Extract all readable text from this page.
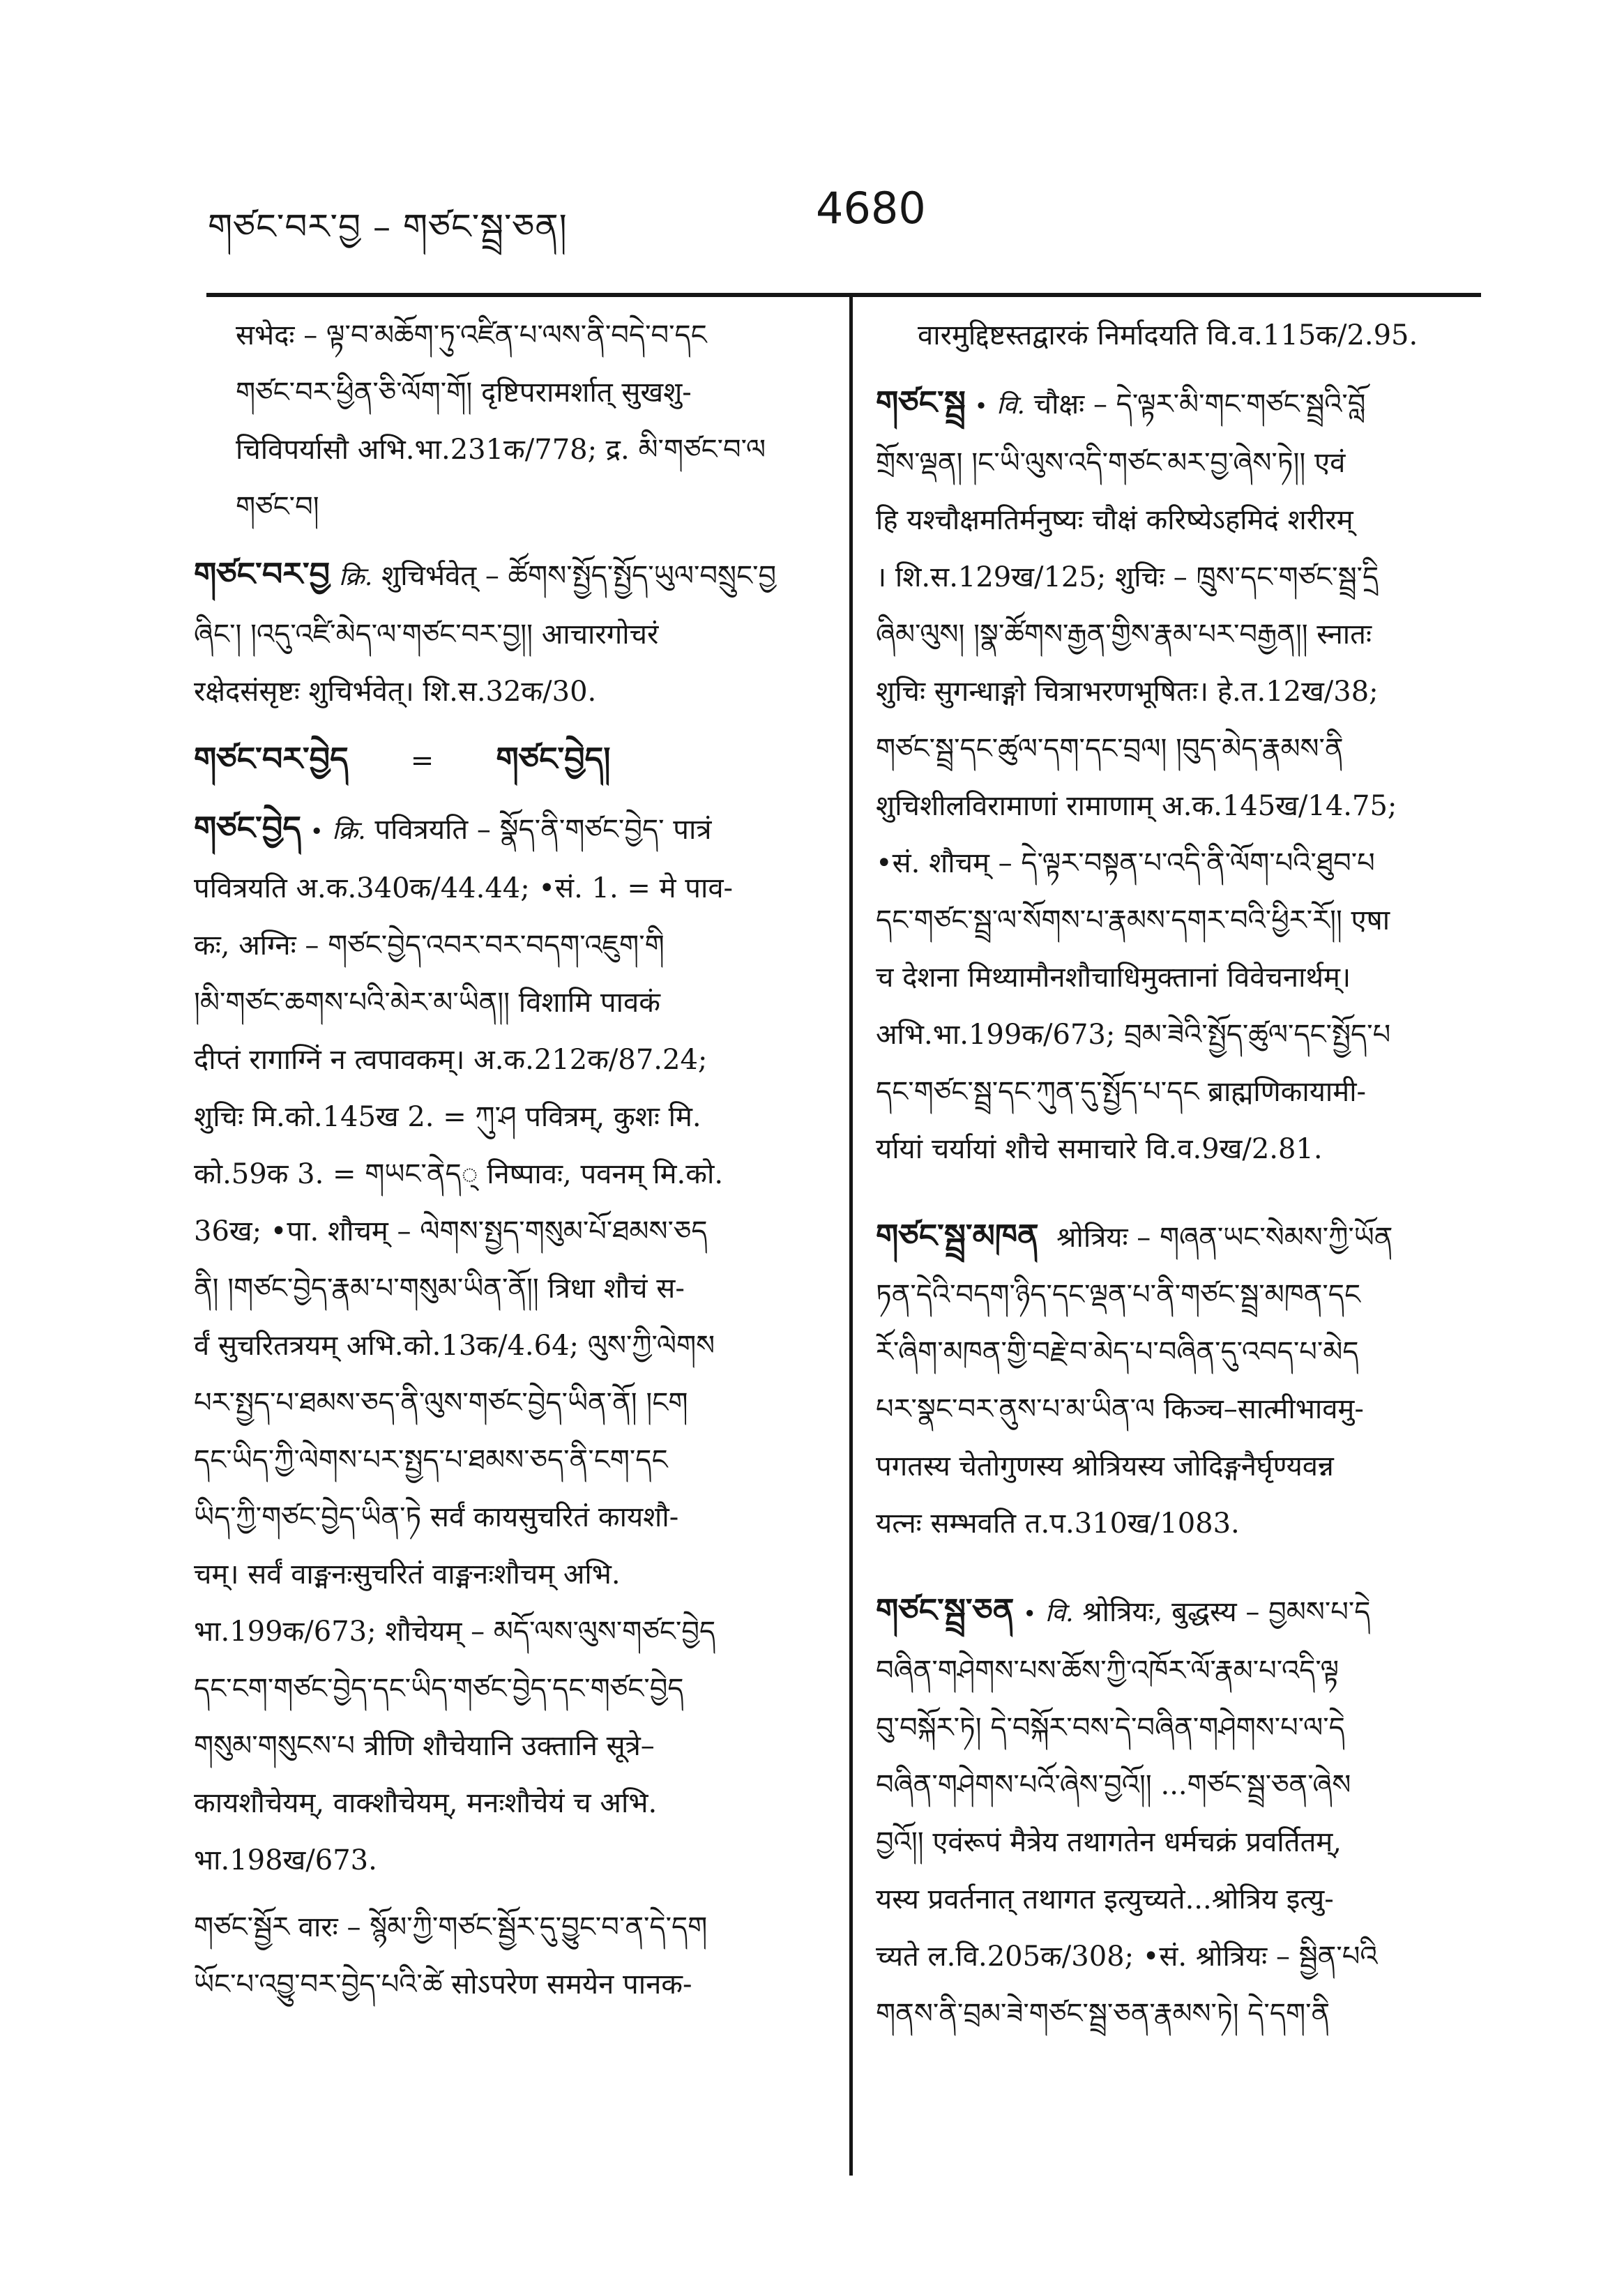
གཙང་བར་བྱ – གཙང་སྦྲ་ཅན།	4680
सभेदः – ལྟ་བ་མཆོག་ཏུ་འཛིན་པ་ལས་ནི་བདེ་བ་དང
གཙང་བར་ཕྱིན་ཅི་ལོག་གོ། दृष्टिपरामर्शात् सुखशु-
चिविपर्यासौ अभि.भा.231क/778; द्र. མི་གཙང་བ་ལ
གཙང་བ།
གཙང་བར་བྱ क्रि. शुचिर्भवेत् – ཚོགས་སྤྱོད་སྤྱོད་ཡུལ་བསྲུང་བྱ
ཞིང་། །འདུ་འཛི་མེད་ལ་གཙང་བར་བྱ།། आचारगोचरं
रक्षेदसंसृष्टः शुचिर्भवेत्। शि.स.32क/30.
གཙང་བར་བྱེད = གཙང་བྱེད།
གཙང་བྱེད • क्रि. पवित्रयति – སྣོད་ནི་གཙང་བྱེད་ पात्रं
पवित्रयति अ.क.340क/44.44; •सं. 1. = मे पाव-
कः, अग्निः – གཙང་བྱེད་འབར་བར་བདག་འཇུག་གི
།མི་གཙང་ཆགས་པའི་མེར་མ་ཡིན།། विशामि पावकं
दीप्तं रागाग्निं न त्वपावकम्। अ.क.212क/87.24;
शुचिः मि.को.145ख 2. = ཀུ་ཤ पवित्रम्, कुशः मि.
को.59क 3. = གཡང་ནེད् निष्पावः, पवनम् मि.को.
36ख; •पा. शौचम् – ལེགས་སྤྱད་གསུམ་པོ་ཐམས་ཅད
ནི། །གཙང་བྱེད་རྣམ་པ་གསུམ་ཡིན་ནོ།། त्रिधा शौचं स-
र्वं सुचरितत्रयम् अभि.को.13क/4.64; ལུས་ཀྱི་ལེགས
པར་སྤྱད་པ་ཐམས་ཅད་ནི་ལུས་གཙང་བྱེད་ཡིན་ནོ། །ངག
དང་ཡིད་ཀྱི་ལེགས་པར་སྤྱད་པ་ཐམས་ཅད་ནི་ངག་དང
ཡིད་ཀྱི་གཙང་བྱེད་ཡིན་ཏེ सर्वं कायसुचरितं कायशौ-
चम्। सर्वं वाङ्मनःसुचरितं वाङ्मनःशौचम् अभि.
भा.199क/673; शौचेयम् – མདོ་ལས་ལུས་གཙང་བྱེད
དང་ངག་གཙང་བྱེད་དང་ཡིད་གཙང་བྱེད་དང་གཙང་བྱེད
གསུམ་གསུངས་པ त्रीणि शौचेयानि उक्तानि सूत्रे–
कायशौचेयम्, वाक्शौचेयम्, मनःशौचेयं च अभि.
भा.198ख/673.
གཙང་སྦྱོར वारः – སྙོམ་ཀྱི་གཙང་སྦྱོར་དུ་བྱུང་བ་ན་དེ་དག
ཡོང་པ་འབྱུ་བར་བྱེད་པའི་ཚེ सोऽपरेण समयेन पानक-
वारमुद्दिष्टस्तद्वारकं निर्मादयति वि.व.115क/2.95.
གཙང་སྦྲ • वि. चौक्षः – དེ་ལྟར་མི་གང་གཙང་སྦྲའི་བློ
གྲོས་ལྡན། །ང་ཡི་ལུས་འདི་གཙང་མར་བྱ་ཞེས་ཏེ།། एवं
हि यश्चौक्षमतिर्मनुष्यः चौक्षं करिष्येऽहमिदं शरीरम्
। शि.स.129ख/125; शुचिः – ཁྲུས་དང་གཙང་སྦྲ་དྲི
ཞིམ་ལུས། །སྣ་ཚོགས་རྒྱན་གྱིས་རྣམ་པར་བརྒྱན།། स्नातः
शुचिः सुगन्धाङ्गो चित्राभरणभूषितः। हे.त.12ख/38;
གཙང་སྦྲ་དང་ཚུལ་དག་དང་བྲལ། །བུད་མེད་རྣམས་ནི
शुचिशीलविरामाणां रामाणाम् अ.क.145ख/14.75;
•सं. शौचम् – དེ་ལྟར་བསྟན་པ་འདི་ནི་ལོག་པའི་ཐུབ་པ
དང་གཙང་སྦྲ་ལ་སོགས་པ་རྣམས་དགར་བའི་ཕྱིར་རོ།། एषा
च देशना मिथ्यामौनशौचाधिमुक्तानां विवेचनार्थम्।
अभि.भा.199क/673; བྲམ་ཟེའི་སྤྱོད་ཚུལ་དང་སྤྱོད་པ
དང་གཙང་སྦྲ་དང་ཀུན་དུ་སྤྱོད་པ་དང ब्राह्मणिकायामी-
र्यायां चर्यायां शौचे समाचारे वि.व.9ख/2.81.
གཙང་སྦྲ་མཁན श्रोत्रियः – གཞན་ཡང་སེམས་ཀྱི་ཡོན
ཏན་དེའི་བདག་ཉིད་དང་ལྡན་པ་ནི་གཙང་སྦྲ་མཁན་དང
རོ་ཞིག་མཁན་གྱི་བརྗེ་བ་མེད་པ་བཞིན་དུ་འབད་པ་མེད
པར་སྣང་བར་ནུས་པ་མ་ཡིན་ལ किञ्च–सात्मीभावमु-
पगतस्य चेतोगुणस्य श्रोत्रियस्य जोदिङ्गनैर्घृण्यवन्न
यत्नः सम्भवति त.प.310ख/1083.
གཙང་སྦྲ་ཅན • वि. श्रोत्रियः, बुद्धस्य – བྱམས་པ་དེ
བཞིན་གཤེགས་པས་ཆོས་ཀྱི་འཁོར་ལོ་རྣམ་པ་འདི་ལྟ
བུ་བསྐོར་ཏེ། དེ་བསྐོར་བས་དེ་བཞིན་གཤེགས་པ་ལ་དེ
བཞིན་གཤེགས་པའོ་ཞེས་བྱའོ།། ...གཙང་སྦྲ་ཅན་ཞེས
བྱའོ།། एवंरूपं मैत्रेय तथागतेन धर्मचक्रं प्रवर्तितम्,
यस्य प्रवर्तनात् तथागत इत्युच्यते...श्रोत्रिय इत्यु-
च्यते ल.वि.205क/308; •सं. श्रोत्रियः – སྦྱིན་པའི
གནས་ནི་བྲམ་ཟེ་གཙང་སྦྲ་ཅན་རྣམས་ཏེ། དེ་དག་ནི
